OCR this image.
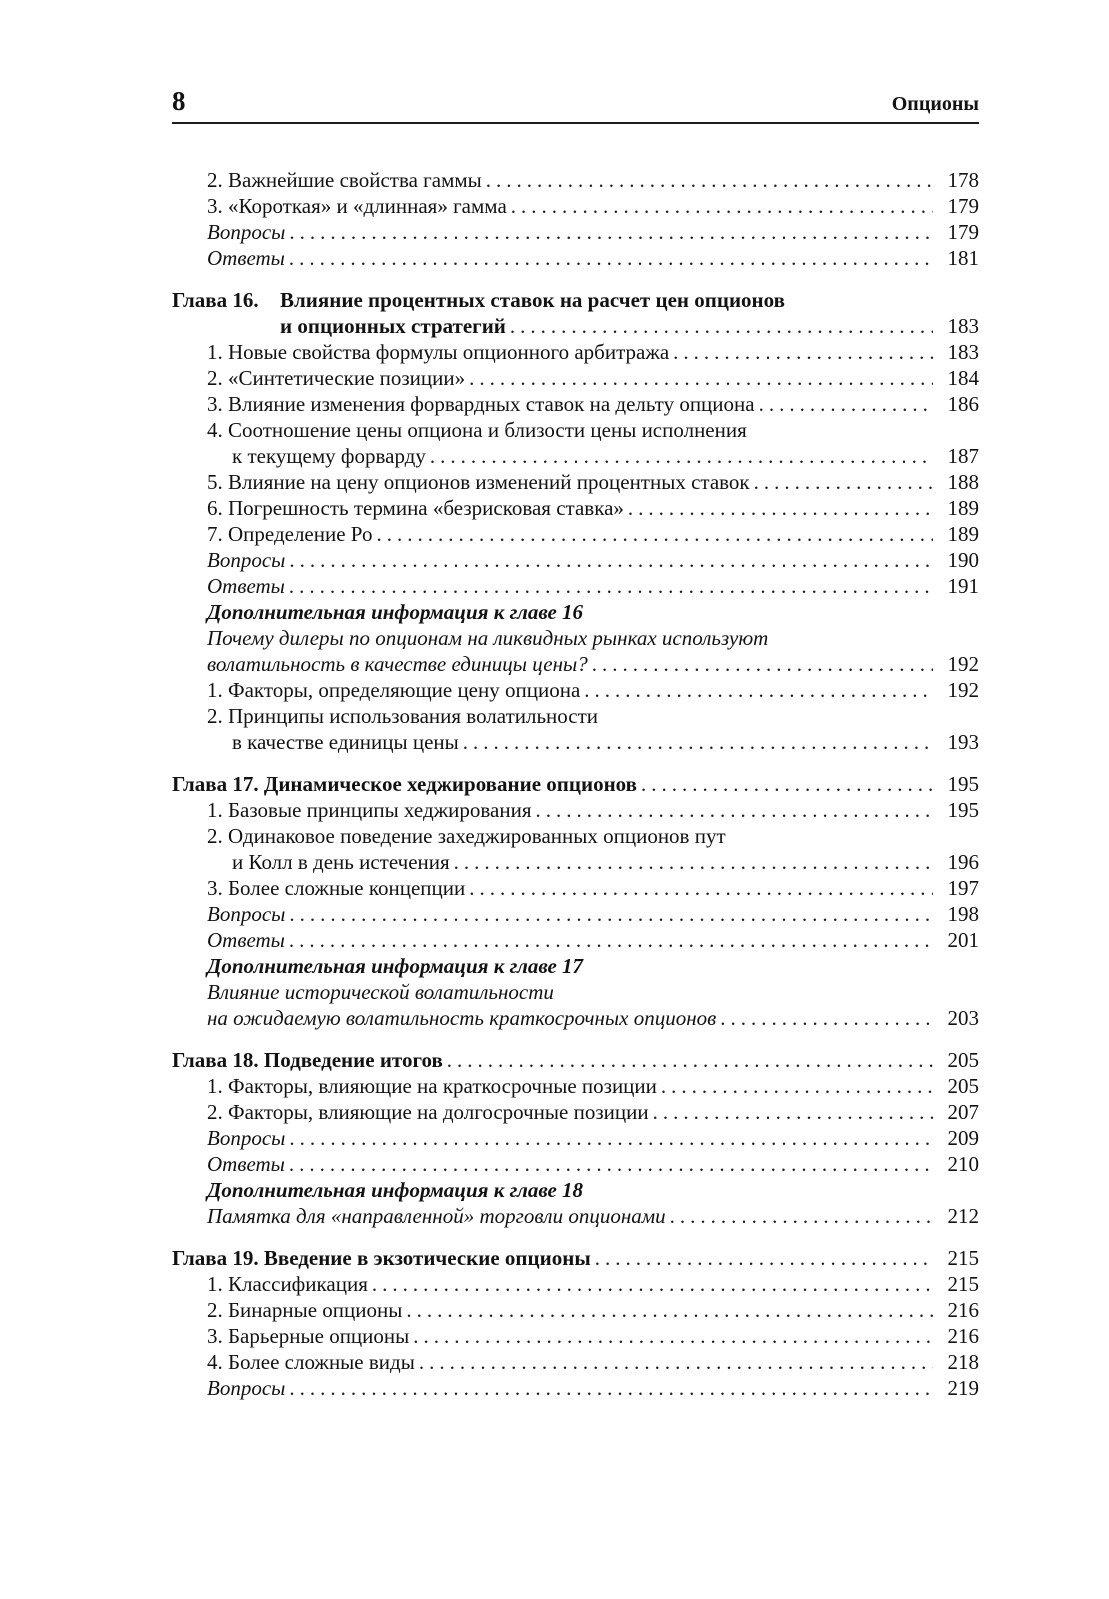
8	Опционы
2. Важнейшие свойства гаммы .....	178
3. «Короткая» и «длинная» гамма .....	179
Вопросы .....	179
Ответы .....	181
Глава 16.	Влияние процентных ставок на расчет цен опционов
и опционных стратегий .....	183
1. Новые свойства формулы опционного арбитража .....	183
2. «Синтетические позиции» .....	184
3. Влияние изменения форвардных ставок на дельту опциона .....	186
4. Соотношение цены опциона и близости цены исполнения
к текущему форварду .....	187
5. Влияние на цену опционов изменений процентных ставок .....	188
6. Погрешность термина «безрисковая ставка» .....	189
7. Определение Ро .....	189
Вопросы .....	190
Ответы .....	191
Дополнительная информация к главе 16
Почему дилеры по опционам на ликвидных рынках используют
волатильность в качестве единицы цены? .....	192
1. Факторы, определяющие цену опциона .....	192
2. Принципы использования волатильности
в качестве единицы цены .....	193
Глава 17. Динамическое хеджирование опционов .....	195
1. Базовые принципы хеджирования .....	195
2. Одинаковое поведение захеджированных опционов пут
и Колл в день истечения .....	196
3. Более сложные концепции .....	197
Вопросы .....	198
Ответы .....	201
Дополнительная информация к главе 17
Влияние исторической волатильности
на ожидаемую волатильность краткосрочных опционов .....	203
Глава 18. Подведение итогов .....	205
1. Факторы, влияющие на краткосрочные позиции .....	205
2. Факторы, влияющие на долгосрочные позиции .....	207
Вопросы .....	209
Ответы .....	210
Дополнительная информация к главе 18
Памятка для «направленной» торговли опционами .....	212
Глава 19. Введение в экзотические опционы .....	215
1. Классификация .....	215
2. Бинарные опционы .....	216
3. Барьерные опционы .....	216
4. Более сложные виды .....	218
Вопросы .....	219
